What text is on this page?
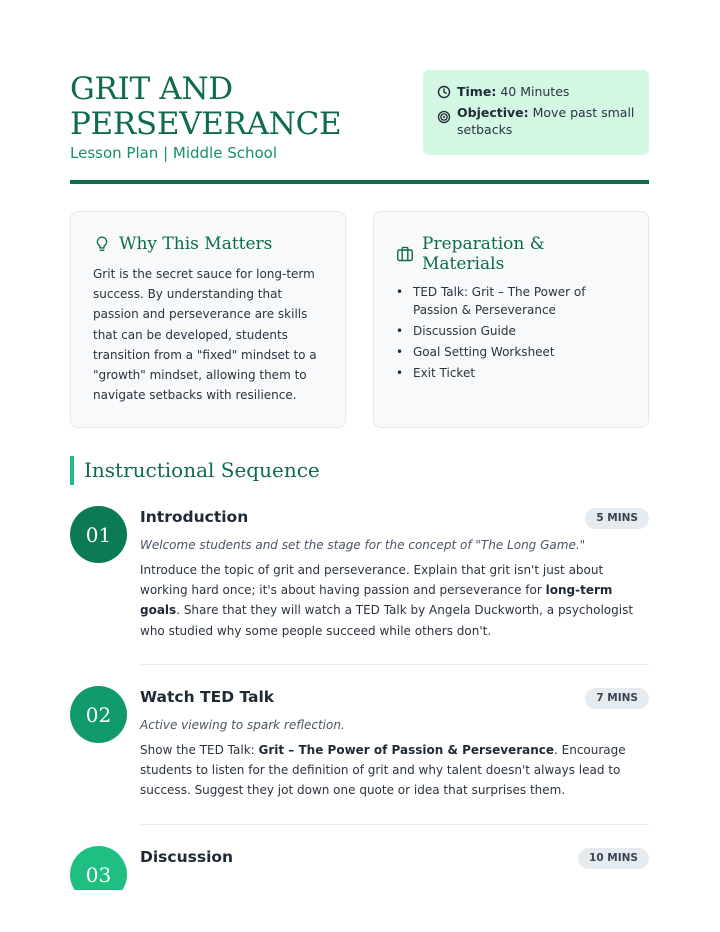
GRIT AND PERSEVERANCE
Lesson Plan | Middle School
Time: 40 Minutes
Objective: Move past small setbacks
Why This Matters

Grit is the secret sauce for long-term success. By understanding that passion and perseverance are skills that can be developed, students transition from a "fixed" mindset to a "growth" mindset, allowing them to navigate setbacks with resilience.

Preparation & Materials
• TED Talk: Grit – The Power of Passion & Perseverance
• Discussion Guide
• Goal Setting Worksheet
• Exit Ticket
Instructional Sequence
01
Introduction	5 MINS

Welcome students and set the stage for the concept of "The Long Game."

Introduce the topic of grit and perseverance. Explain that grit isn't just about working hard once; it's about having passion and perseverance for long-term goals. Share that they will watch a TED Talk by Angela Duckworth, a psychologist who studied why some people succeed while others don't.

02
Watch TED Talk	7 MINS

Active viewing to spark reflection.

Show the TED Talk: Grit – The Power of Passion & Perseverance. Encourage students to listen for the definition of grit and why talent doesn't always lead to success. Suggest they jot down one quote or idea that surprises them.

03
Discussion	10 MINS
